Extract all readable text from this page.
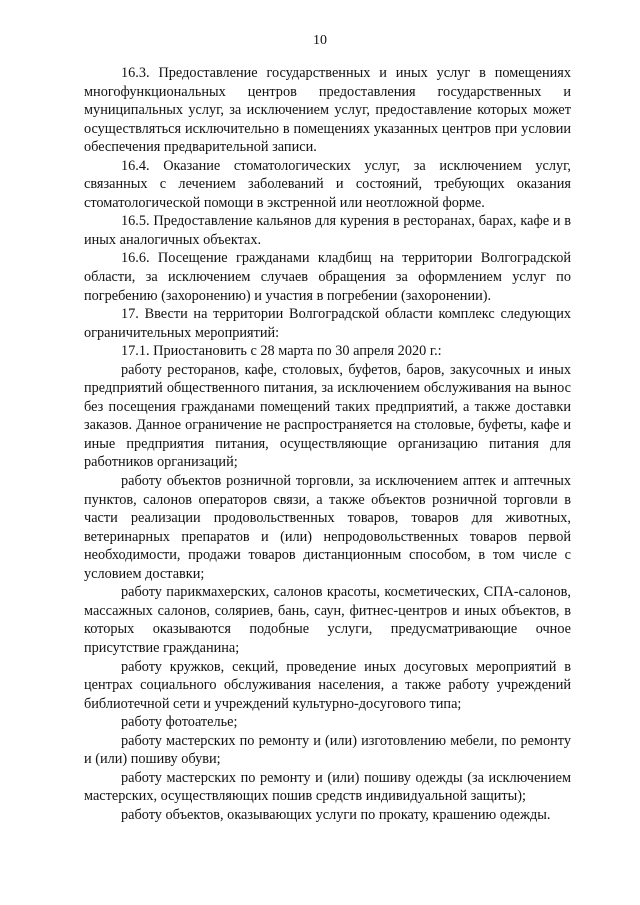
10

16.3. Предоставление государственных и иных услуг в помещениях многофункциональных центров предоставления государственных и муниципальных услуг, за исключением услуг, предоставление которых может осуществляться исключительно в помещениях указанных центров при условии обеспечения предварительной записи.

16.4. Оказание стоматологических услуг, за исключением услуг, связанных с лечением заболеваний и состояний, требующих оказания стоматологической помощи в экстренной или неотложной форме.

16.5. Предоставление кальянов для курения в ресторанах, барах, кафе и в иных аналогичных объектах.

16.6. Посещение гражданами кладбищ на территории Волгоградской области, за исключением случаев обращения за оформлением услуг по погребению (захоронению) и участия в погребении (захоронении).

17. Ввести на территории Волгоградской области комплекс следующих ограничительных мероприятий:

17.1. Приостановить с 28 марта по 30 апреля 2020 г.:

работу ресторанов, кафе, столовых, буфетов, баров, закусочных и иных предприятий общественного питания, за исключением обслуживания на вынос без посещения гражданами помещений таких предприятий, а также доставки заказов. Данное ограничение не распространяется на столовые, буфеты, кафе и иные предприятия питания, осуществляющие организацию питания для работников организаций;

работу объектов розничной торговли, за исключением аптек и аптечных пунктов, салонов операторов связи, а также объектов розничной торговли в части реализации продовольственных товаров, товаров для животных, ветеринарных препаратов и (или) непродовольственных товаров первой необходимости, продажи товаров дистанционным способом, в том числе с условием доставки;

работу парикмахерских, салонов красоты, косметических, СПА-салонов, массажных салонов, соляриев, бань, саун, фитнес-центров и иных объектов, в которых оказываются подобные услуги, предусматривающие очное присутствие гражданина;

работу кружков, секций, проведение иных досуговых мероприятий в центрах социального обслуживания населения, а также работу учреждений библиотечной сети и учреждений культурно-досугового типа;

работу фотоателье;

работу мастерских по ремонту и (или) изготовлению мебели, по ремонту и (или) пошиву обуви;

работу мастерских по ремонту и (или) пошиву одежды (за исключением мастерских, осуществляющих пошив средств индивидуальной защиты);

работу объектов, оказывающих услуги по прокату, крашению одежды.
